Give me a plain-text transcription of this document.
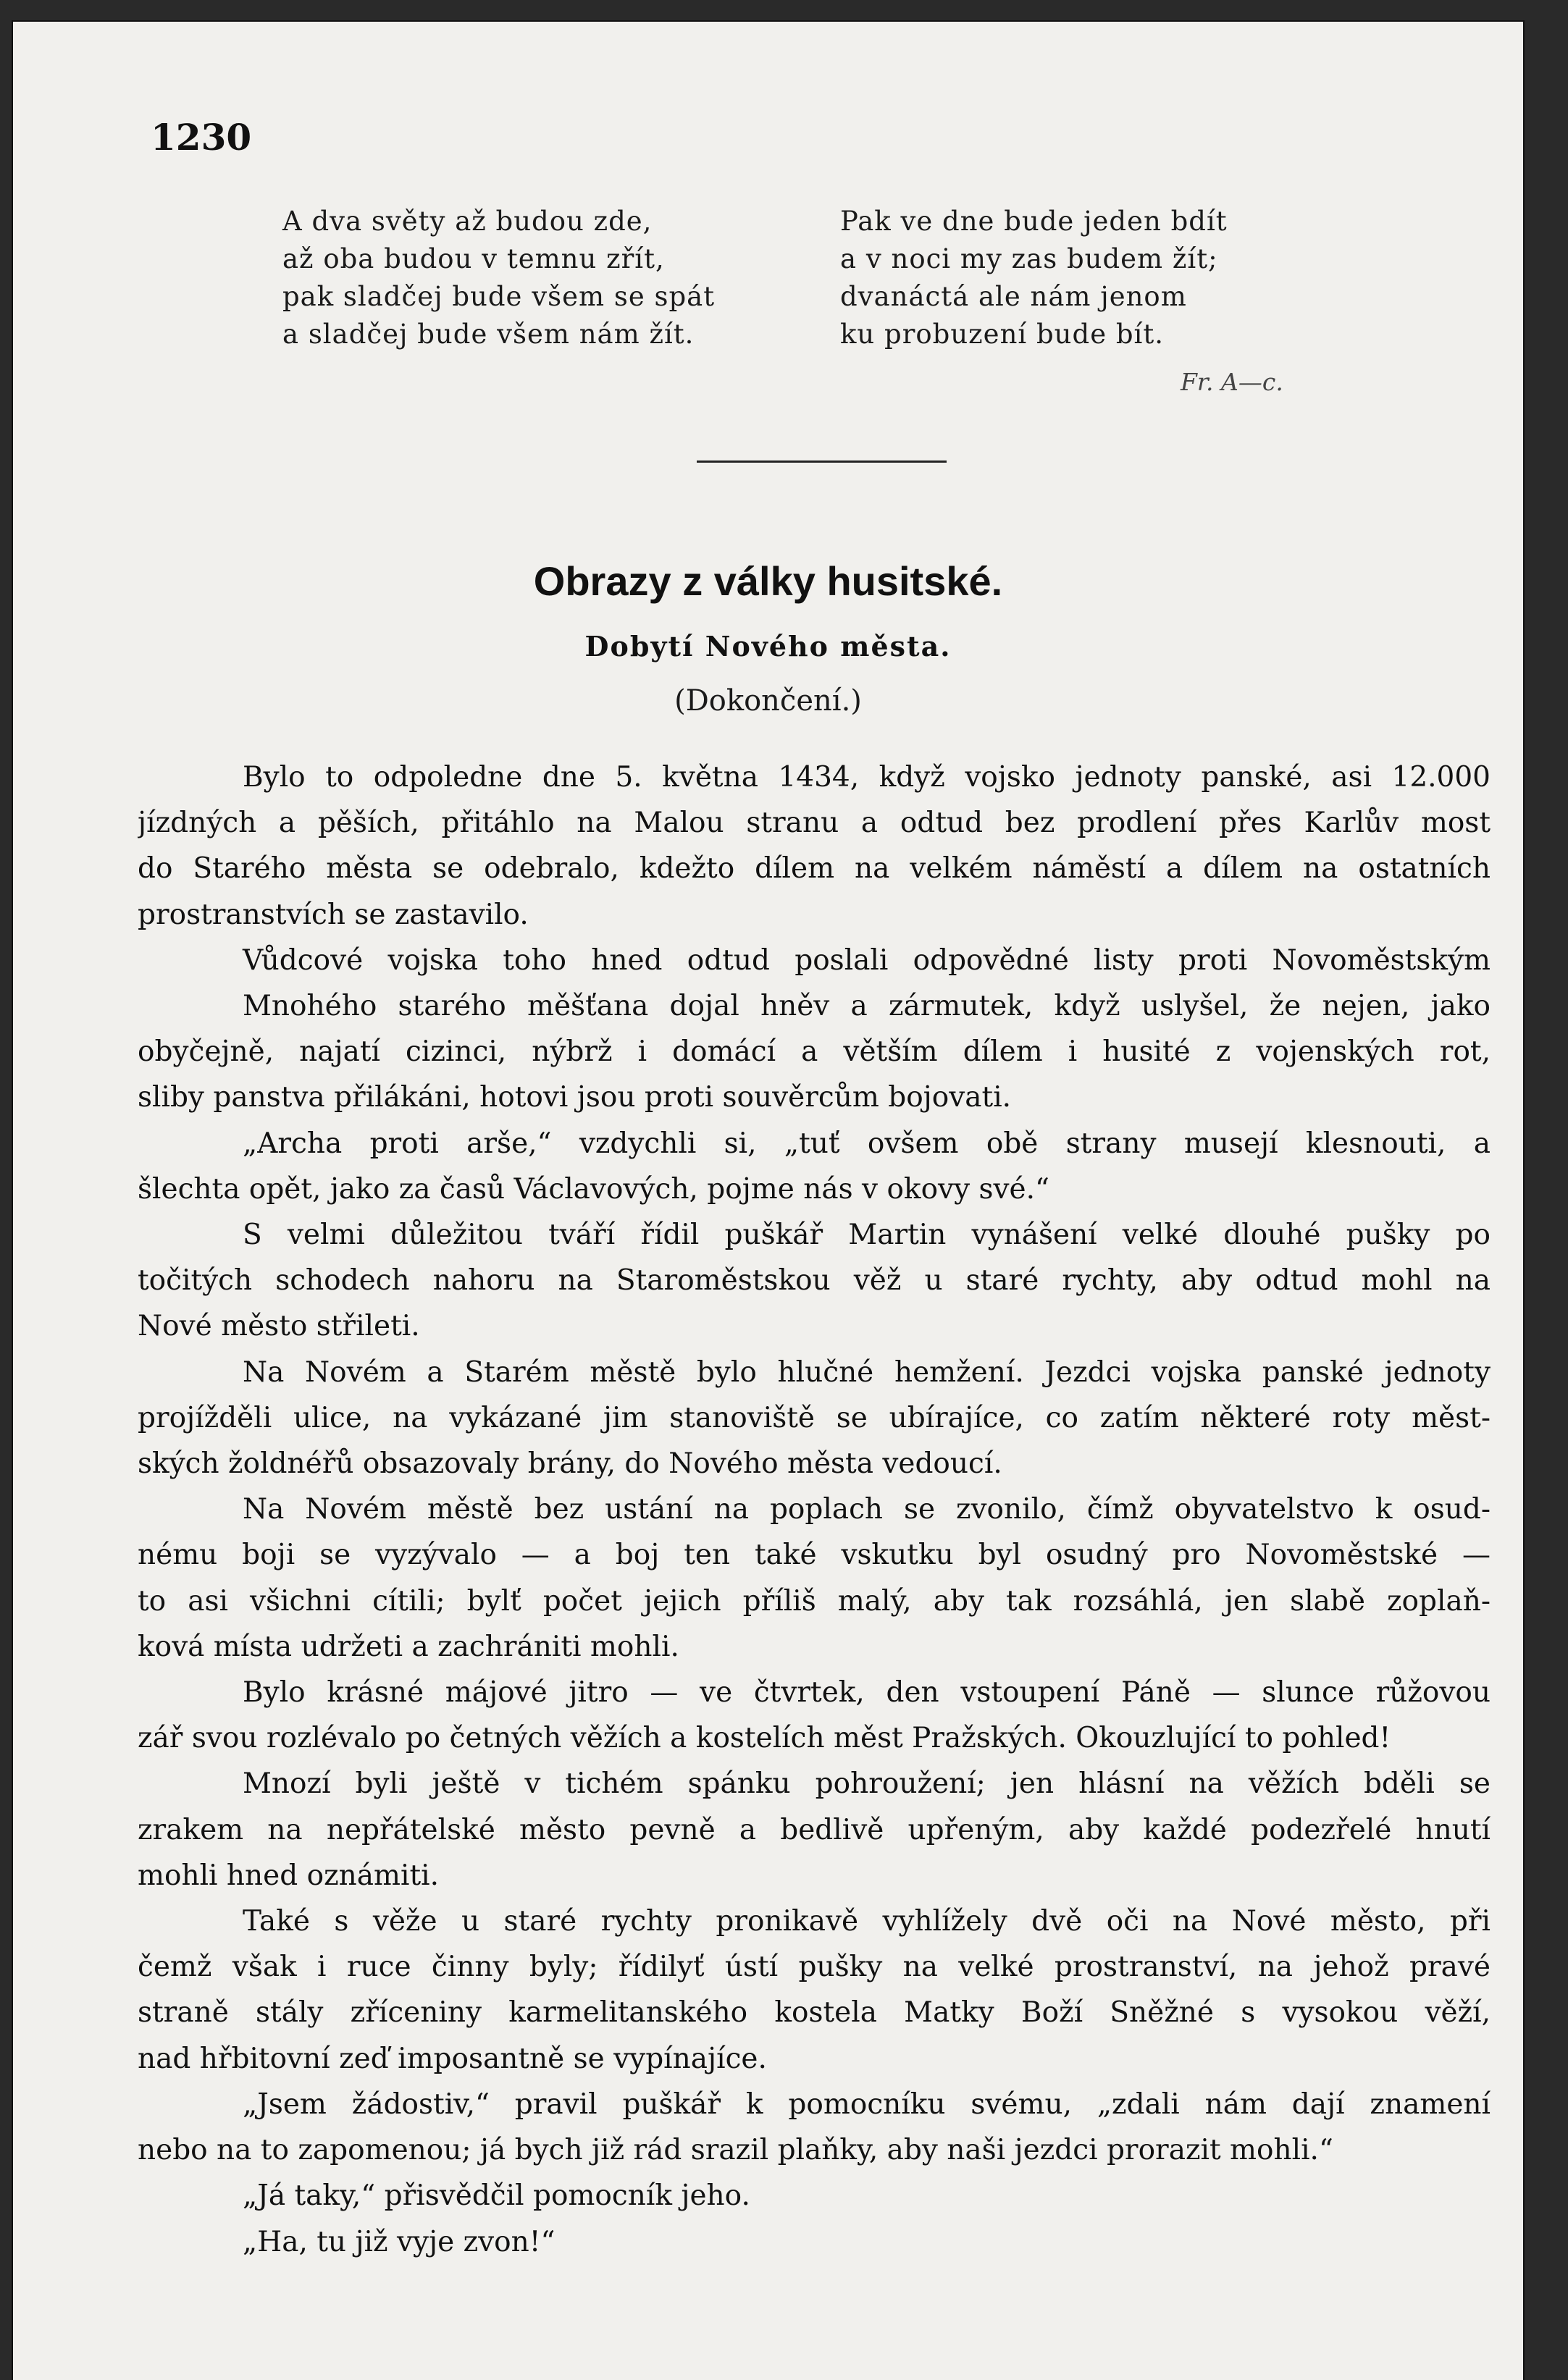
1230
A dva světy až budou zde,
až oba budou v temnu zřít,
pak sladčej bude všem se spát
a sladčej bude všem nám žít.
Pak ve dne bude jeden bdít
a v noci my zas budem žít;
dvanáctá ale nám jenom
ku probuzení bude bít.
Fr. A—c.
Obrazy z války husitské.
Dobytí Nového města.
(Dokončení.)
Bylo to odpoledne dne 5. května 1434, když vojsko jednoty panské, asi 12.000
jízdných a pěších, přitáhlo na Malou stranu a odtud bez prodlení přes Karlův most
do Starého města se odebralo, kdežto dílem na velkém náměstí a dílem na ostatních
prostranstvích se zastavilo.
Vůdcové vojska toho hned odtud poslali odpovědné listy proti Novoměstským
Mnohého starého měšťana dojal hněv a zármutek, když uslyšel, že nejen, jako
obyčejně, najatí cizinci, nýbrž i domácí a větším dílem i husité z vojenských rot,
sliby panstva přilákáni, hotovi jsou proti souvěrcům bojovati.
„Archa proti arše,“ vzdychli si, „tuť ovšem obě strany musejí klesnouti, a
šlechta opět, jako za časů Václavových, pojme nás v okovy své.“
S velmi důležitou tváří řídil puškář Martin vynášení velké dlouhé pušky po
točitých schodech nahoru na Staroměstskou věž u staré rychty, aby odtud mohl na
Nové město střileti.
Na Novém a Starém městě bylo hlučné hemžení. Jezdci vojska panské jednoty
projížděli ulice, na vykázané jim stanoviště se ubírajíce, co zatím některé roty měst-
ských žoldnéřů obsazovaly brány, do Nového města vedoucí.
Na Novém městě bez ustání na poplach se zvonilo, čímž obyvatelstvo k osud-
nému boji se vyzývalo — a boj ten také vskutku byl osudný pro Novoměstské —
to asi všichni cítili; bylť počet jejich příliš malý, aby tak rozsáhlá, jen slabě zoplaň-
ková místa udržeti a zachrániti mohli.
Bylo krásné májové jitro — ve čtvrtek, den vstoupení Páně — slunce růžovou
zář svou rozlévalo po četných věžích a kostelích měst Pražských. Okouzlující to pohled!
Mnozí byli ještě v tichém spánku pohroužení; jen hlásní na věžích bděli se
zrakem na nepřátelské město pevně a bedlivě upřeným, aby každé podezřelé hnutí
mohli hned oznámiti.
Také s věže u staré rychty pronikavě vyhlížely dvě oči na Nové město, při
čemž však i ruce činny byly; řídilyť ústí pušky na velké prostranství, na jehož pravé
straně stály zříceniny karmelitanského kostela Matky Boží Sněžné s vysokou věží,
nad hřbitovní zeď imposantně se vypínajíce.
„Jsem žádostiv,“ pravil puškář k pomocníku svému, „zdali nám dají znamení
nebo na to zapomenou; já bych již rád srazil plaňky, aby naši jezdci prorazit mohli.“
„Já taky,“ přisvědčil pomocník jeho.
„Ha, tu již vyje zvon!“
